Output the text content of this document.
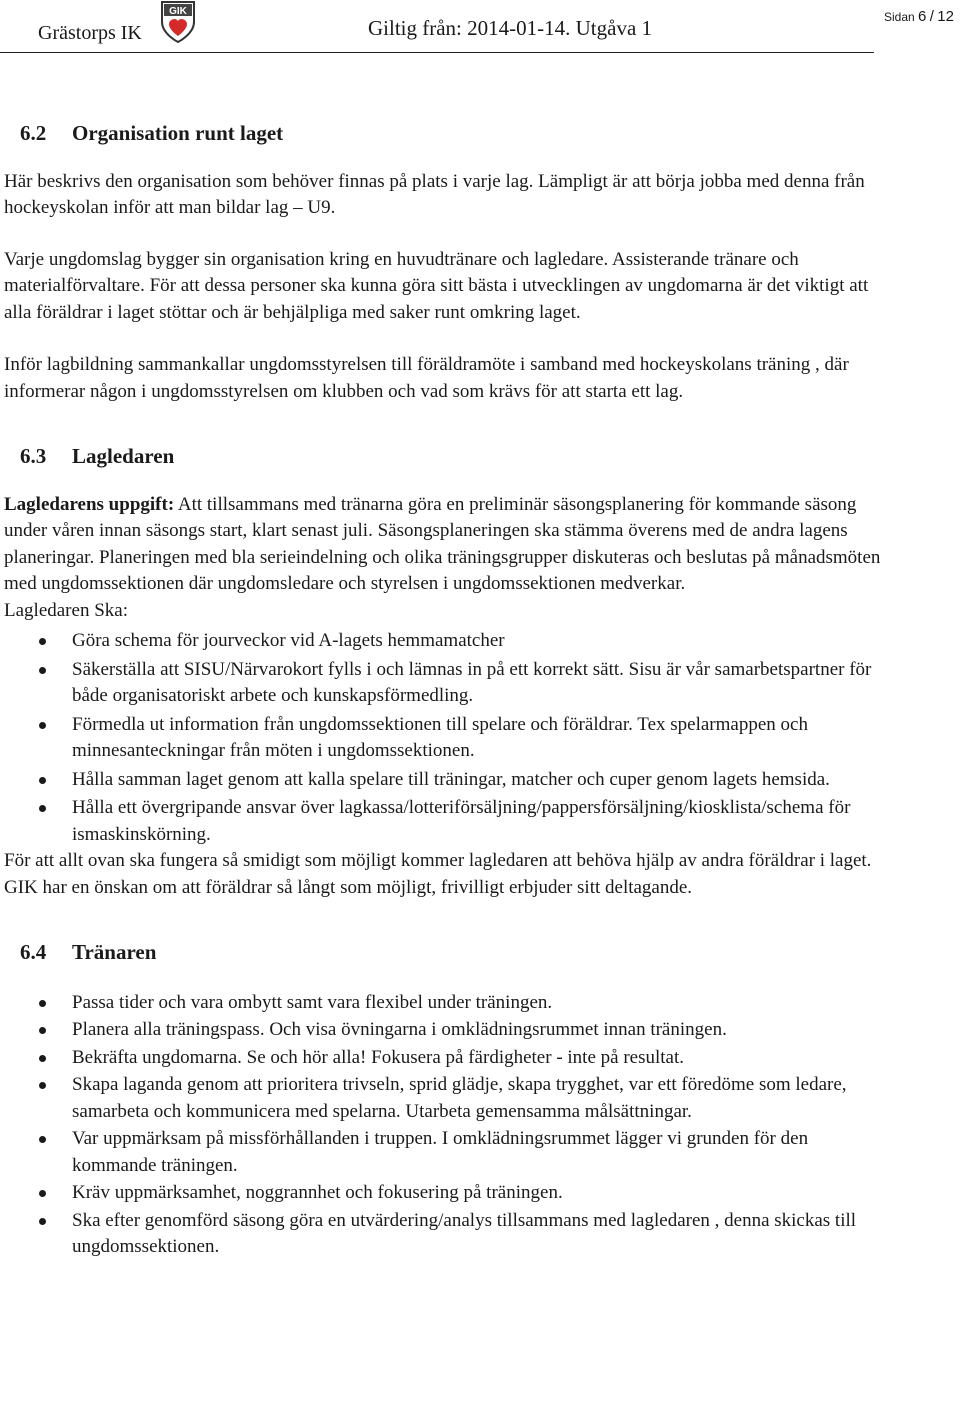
Grästorps IK
GIK
Giltig från: 2014-01-14. Utgåva 1	Sidan 6 / 12

6.2 Organisation runt laget

Här beskrivs den organisation som behöver finnas på plats i varje lag. Lämpligt är att börja jobba med denna från hockeyskolan inför att man bildar lag – U9.

Varje ungdomslag bygger sin organisation kring en huvudtränare och lagledare. Assisterande tränare och materialförvaltare. För att dessa personer ska kunna göra sitt bästa i utvecklingen av ungdomarna är det viktigt att alla föräldrar i laget stöttar och är behjälpliga med saker runt omkring laget.

Inför lagbildning sammankallar ungdomsstyrelsen till föräldramöte i samband med hockeyskolans träning , där informerar någon i ungdomsstyrelsen om klubben och vad som krävs för att starta ett lag.

6.3 Lagledaren

Lagledarens uppgift: Att tillsammans med tränarna göra en preliminär säsongsplanering för kommande säsong under våren innan säsongs start, klart senast juli. Säsongsplaneringen ska stämma överens med de andra lagens planeringar. Planeringen med bla serieindelning och olika träningsgrupper diskuteras och beslutas på månadsmöten med ungdomssektionen där ungdomsledare och styrelsen i ungdomssektionen medverkar.

Lagledaren Ska:

Göra schema för jourveckor vid A-lagets hemmamatcher
Säkerställa att SISU/Närvarokort fylls i och lämnas in på ett korrekt sätt. Sisu är vår samarbetspartner för både organisatoriskt arbete och kunskapsförmedling.
Förmedla ut information från ungdomssektionen till spelare och föräldrar. Tex spelarmappen och minnesanteckningar från möten i ungdomssektionen.
Hålla samman laget genom att kalla spelare till träningar, matcher och cuper genom lagets hemsida.
Hålla ett övergripande ansvar över lagkassa/lotteriförsäljning/pappersförsäljning/kiosklista/schema för ismaskinskörning.

För att allt ovan ska fungera så smidigt som möjligt kommer lagledaren att behöva hjälp av andra föräldrar i laget. GIK har en önskan om att föräldrar så långt som möjligt, frivilligt erbjuder sitt deltagande.

6.4 Tränaren

Passa tider och vara ombytt samt vara flexibel under träningen.
Planera alla träningspass. Och visa övningarna i omklädningsrummet innan träningen.
Bekräfta ungdomarna. Se och hör alla! Fokusera på färdigheter - inte på resultat.
Skapa laganda genom att prioritera trivseln, sprid glädje, skapa trygghet, var ett föredöme som ledare, samarbeta och kommunicera med spelarna. Utarbeta gemensamma målsättningar.
Var uppmärksam på missförhållanden i truppen. I omklädningsrummet lägger vi grunden för den kommande träningen.
Kräv uppmärksamhet, noggrannhet och fokusering på träningen.
Ska efter genomförd säsong göra en utvärdering/analys tillsammans med lagledaren , denna skickas till ungdomssektionen.
